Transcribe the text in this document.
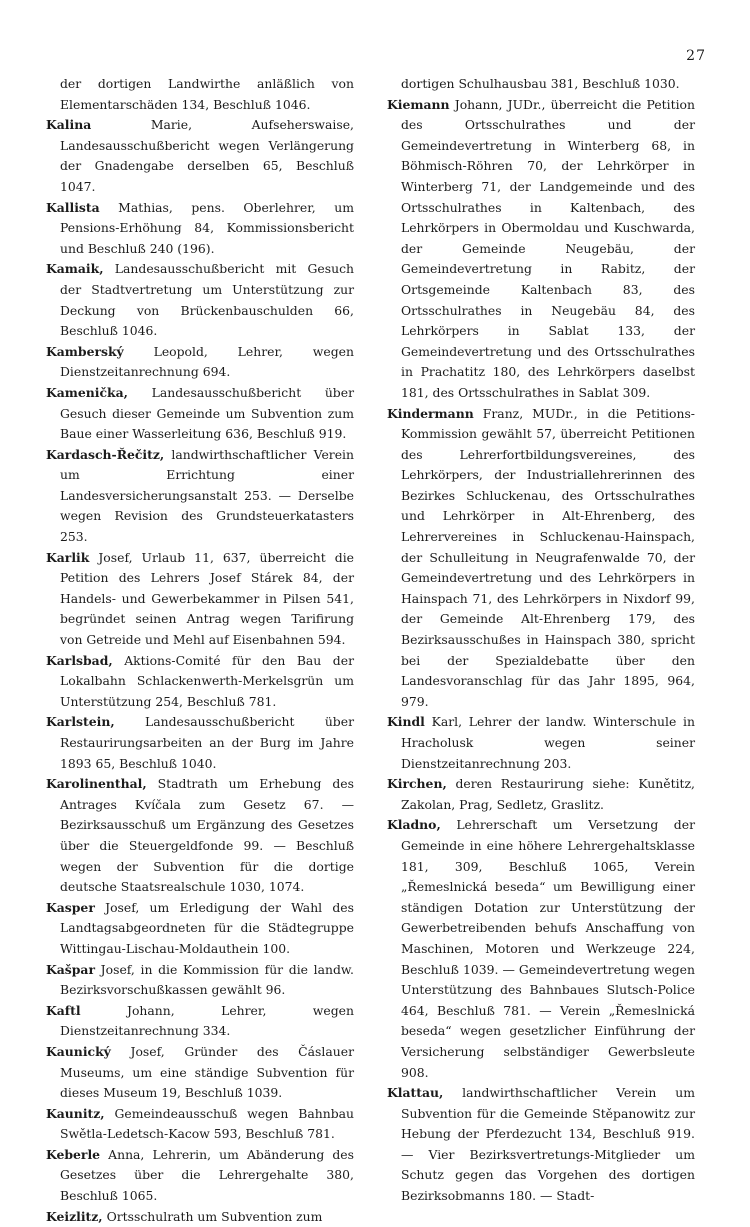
27

der dortigen Landwirthe anläßlich von Elementarschäden 134, Beschluß 1046.

Kalina	Marie, Aufseherswaise, Landesausschußbericht wegen Verlängerung der Gnadengabe derselben 65, Beschluß 1047.

Kallista Mathias, pens. Oberlehrer, um Pensions-Erhöhung 84, Kommissionsbericht und Beschluß 240 (196).

Kamaik, Landesausschußbericht mit Gesuch der Stadtvertretung um Unterstützung zur Deckung von Brückenbauschulden 66, Beschluß 1046.

Kamberský Leopold, Lehrer, wegen Dienstzeitanrechnung 694.

Kamenička, Landesausschußbericht über Gesuch dieser Gemeinde um Subvention zum Baue einer Wasserleitung 636, Beschluß 919.

Kardasch-Řečitz, landwirthschaftlicher Verein um Errichtung einer Landesversicherungsanstalt 253. — Derselbe wegen Revision des Grundsteuerkatasters 253.

Karlik Josef, Urlaub 11, 637, überreicht die Petition des Lehrers Josef Stárek 84, der Handels- und Gewerbekammer in Pilsen 541, begründet seinen Antrag wegen Tarifirung von Getreide und Mehl auf Eisenbahnen 594.

Karlsbad, Aktions-Comité für den Bau der Lokalbahn Schlackenwerth-Merkelsgrün um Unterstützung 254, Beschluß 781.

Karlstein, Landesausschußbericht über Restaurirungsarbeiten an der Burg im Jahre 1893 65, Beschluß 1040.

Karolinenthal, Stadtrath um Erhebung des Antrages Kvíčala zum Gesetz 67. — Bezirksausschuß um Ergänzung des Gesetzes über die Steuergeldfonde 99. — Beschluß wegen der Subvention für die dortige deutsche Staatsrealschule 1030, 1074.

Kasper Josef, um Erledigung der Wahl des Landtagsabgeordneten für die Städtegruppe Wittingau-Lischau-Moldauthein 100.

Kašpar Josef, in die Kommission für die landw. Bezirksvorschußkassen gewählt 96.

Kaftl	Johann, Lehrer, wegen Dienstzeitanrechnung 334.

Kaunický Josef, Gründer des Čáslauer Museums, um eine ständige Subvention für dieses Museum 19, Beschluß 1039.

Kaunitz, Gemeindeausschuß wegen Bahnbau Swětla-Ledetsch-Kacow 593, Beschluß 781.

Keberle Anna, Lehrerin, um Abänderung des Gesetzes über die Lehrergehalte 380, Beschluß 1065.

Keizlitz, Ortsschulrath um Subvention zum

dortigen Schulhausbau 381, Beschluß 1030.

Kiemann Johann, JUDr., überreicht die Petition des Ortsschulrathes und der Gemeindevertretung in Winterberg 68, in Böhmisch-Röhren 70, der Lehrkörper in Winterberg 71, der Landgemeinde und des Ortsschulrathes in Kaltenbach, des Lehrkörpers in Obermoldau und Kuschwarda, der Gemeinde Neugebäu, der Gemeindevertretung in Rabitz, der Ortsgemeinde Kaltenbach 83, des Ortsschulrathes in Neugebäu 84, des Lehrkörpers in Sablat 133, der Gemeindevertretung und des Ortsschulrathes in Prachatitz 180, des Lehrkörpers daselbst 181, des Ortsschulrathes in Sablat 309.

Kindermann Franz, MUDr., in die Petitions-Kommission gewählt 57, überreicht Petitionen des Lehrerfortbildungsvereines, des Lehrkörpers, der Industriallehrerinnen des Bezirkes Schluckenau, des Ortsschulrathes und Lehrkörper in Alt-Ehrenberg, des Lehrervereines in Schluckenau-Hainspach, der Schulleitung in Neugrafenwalde 70, der Gemeindevertretung und des Lehrkörpers in Hainspach 71, des Lehrkörpers in Nixdorf 99, der Gemeinde Alt-Ehrenberg 179, des Bezirksausschußes in Hainspach 380, spricht bei der Spezialdebatte über den Landesvoranschlag für das Jahr 1895, 964, 979.

Kindl Karl, Lehrer der landw. Winterschule in Hracholusk wegen seiner Dienstzeitanrechnung 203.

Kirchen, deren Restaurirung siehe: Kunětitz, Zakolan, Prag, Sedletz, Graslitz.

Kladno, Lehrerschaft um Versetzung der Gemeinde in eine höhere Lehrergehaltsklasse 181, 309, Beschluß 1065, Verein „Řemeslnická beseda“ um Bewilligung einer ständigen Dotation zur Unterstützung der Gewerbetreibenden behufs Anschaffung von Maschinen, Motoren und Werkzeuge 224, Beschluß 1039. — Gemeindevertretung wegen Unterstützung des Bahnbaues Slutsch-Police 464, Beschluß 781. — Verein „Řemeslnická beseda“ wegen gesetzlicher Einführung der Versicherung selbständiger Gewerbsleute 908.

Klattau, landwirthschaftlicher Verein um Subvention für die Gemeinde Stěpanowitz zur Hebung der Pferdezucht 134, Beschluß 919. — Vier Bezirksvertretungs-Mitglieder um Schutz gegen das Vorgehen des dortigen Bezirksobmanns 180. — Stadt-
